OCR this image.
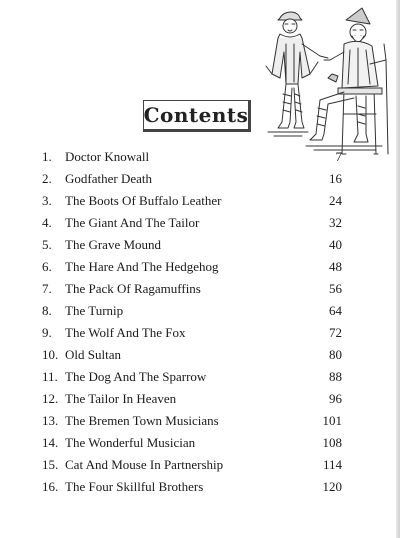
Contents
1.	Doctor Knowall	7
2.	Godfather Death	16
3.	The Boots Of Buffalo Leather	24
4.	The Giant And The Tailor	32
5.	The Grave Mound	40
6.	The Hare And The Hedgehog	48
7.	The Pack Of Ragamuffins	56
8.	The Turnip	64
9.	The Wolf And The Fox	72
10. Old Sultan	80
11. The Dog And The Sparrow	88
12. The Tailor In Heaven	96
13. The Bremen Town Musicians	101
14. The Wonderful Musician	108
15. Cat And Mouse In Partnership	114
16. The Four Skillful Brothers	120
